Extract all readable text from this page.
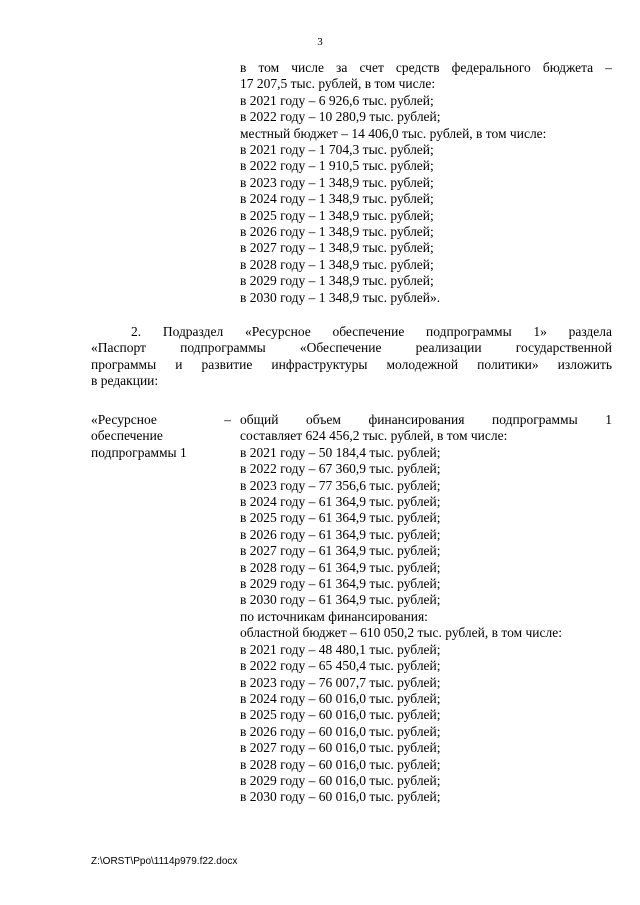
3
в том числе за счет средств федерального бюджета –
17 207,5 тыс. рублей, в том числе:
в 2021 году – 6 926,6 тыс. рублей;
в 2022 году – 10 280,9 тыс. рублей;
местный бюджет – 14 406,0 тыс. рублей, в том числе:
в 2021 году – 1 704,3 тыс. рублей;
в 2022 году – 1 910,5 тыс. рублей;
в 2023 году – 1 348,9 тыс. рублей;
в 2024 году – 1 348,9 тыс. рублей;
в 2025 году – 1 348,9 тыс. рублей;
в 2026 году – 1 348,9 тыс. рублей;
в 2027 году – 1 348,9 тыс. рублей;
в 2028 году – 1 348,9 тыс. рублей;
в 2029 году – 1 348,9 тыс. рублей;
в 2030 году – 1 348,9 тыс. рублей».
2. Подраздел «Ресурсное обеспечение подпрограммы 1» раздела
«Паспорт подпрограммы «Обеспечение реализации государственной
программы и развитие инфраструктуры молодежной политики» изложить
в редакции:
«Ресурсное	–
обеспечение
подпрограммы 1
общий объем финансирования подпрограммы 1
составляет 624 456,2 тыс. рублей, в том числе:
в 2021 году – 50 184,4 тыс. рублей;
в 2022 году – 67 360,9 тыс. рублей;
в 2023 году – 77 356,6 тыс. рублей;
в 2024 году – 61 364,9 тыс. рублей;
в 2025 году – 61 364,9 тыс. рублей;
в 2026 году – 61 364,9 тыс. рублей;
в 2027 году – 61 364,9 тыс. рублей;
в 2028 году – 61 364,9 тыс. рублей;
в 2029 году – 61 364,9 тыс. рублей;
в 2030 году – 61 364,9 тыс. рублей;
по источникам финансирования:
областной бюджет – 610 050,2 тыс. рублей, в том числе:
в 2021 году – 48 480,1 тыс. рублей;
в 2022 году – 65 450,4 тыс. рублей;
в 2023 году – 76 007,7 тыс. рублей;
в 2024 году – 60 016,0 тыс. рублей;
в 2025 году – 60 016,0 тыс. рублей;
в 2026 году – 60 016,0 тыс. рублей;
в 2027 году – 60 016,0 тыс. рублей;
в 2028 году – 60 016,0 тыс. рублей;
в 2029 году – 60 016,0 тыс. рублей;
в 2030 году – 60 016,0 тыс. рублей;
Z:\ORST\Ppo\1114p979.f22.docx
